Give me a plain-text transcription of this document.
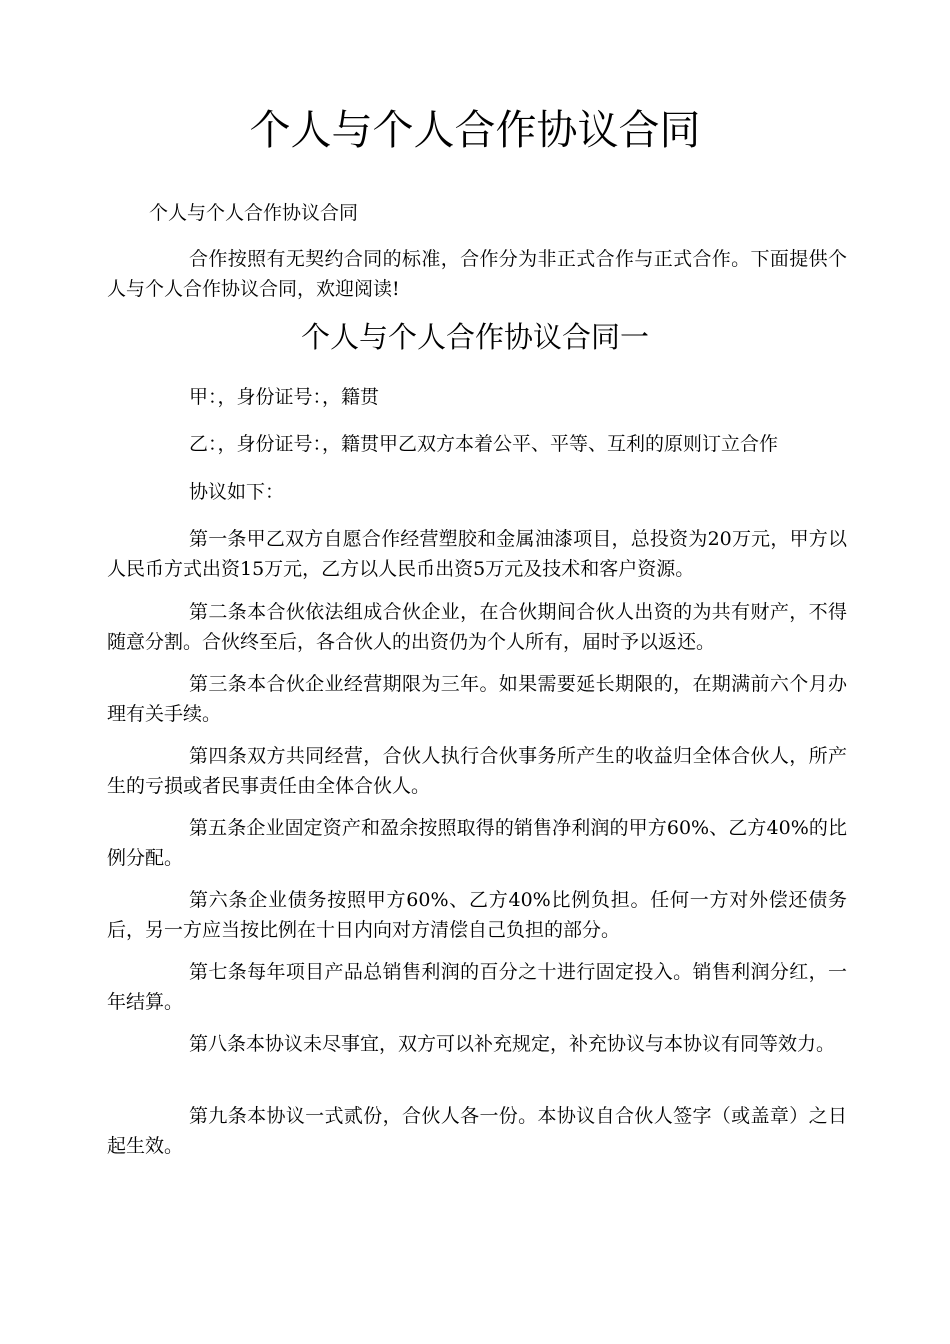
个人与个人合作协议合同

个人与个人合作协议合同

合作按照有无契约合同的标准，合作分为非正式合作与正式合作。下面提供个人与个人合作协议合同，欢迎阅读!

个人与个人合作协议合同一

甲：，身份证号：，籍贯

乙：，身份证号：，籍贯甲乙双方本着公平、平等、互利的原则订立合作

协议如下：

第一条甲乙双方自愿合作经营塑胶和金属油漆项目，总投资为20万元，甲方以人民币方式出资15万元，乙方以人民币出资5万元及技术和客户资源。

第二条本合伙依法组成合伙企业，在合伙期间合伙人出资的为共有财产，不得随意分割。合伙终至后，各合伙人的出资仍为个人所有，届时予以返还。

第三条本合伙企业经营期限为三年。如果需要延长期限的，在期满前六个月办理有关手续。

第四条双方共同经营，合伙人执行合伙事务所产生的收益归全体合伙人，所产生的亏损或者民事责任由全体合伙人。

第五条企业固定资产和盈余按照取得的销售净利润的甲方60%、乙方40%的比例分配。

第六条企业债务按照甲方60%、乙方40%比例负担。任何一方对外偿还债务后，另一方应当按比例在十日内向对方清偿自己负担的部分。

第七条每年项目产品总销售利润的百分之十进行固定投入。销售利润分红，一年结算。

第八条本协议未尽事宜，双方可以补充规定，补充协议与本协议有同等效力。

第九条本协议一式贰份，合伙人各一份。本协议自合伙人签字（或盖章）之日起生效。
